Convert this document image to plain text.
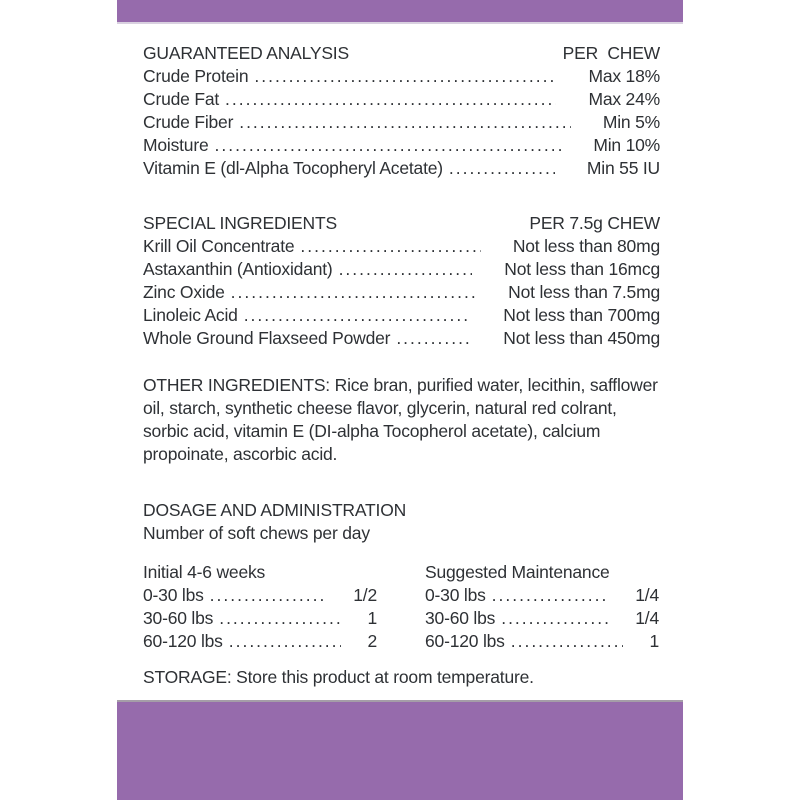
GUARANTEED ANALYSIS	PER  CHEW
Crude Protein .....	Max 18%
Crude Fat .....	Max 24%
Crude Fiber .....	Min 5%
Moisture .....	Min 10%
Vitamin E (dl-Alpha Tocopheryl Acetate) .....	Min 55 IU
SPECIAL INGREDIENTS	PER 7.5g CHEW
Krill Oil Concentrate .....	Not less than 80mg
Astaxanthin (Antioxidant) .....	Not less than 16mcg
Zinc Oxide .....	Not less than 7.5mg
Linoleic Acid .....	Not less than 700mg
Whole Ground Flaxseed Powder .....	Not less than 450mg
OTHER INGREDIENTS: Rice bran, purified water, lecithin, safflower oil, starch, synthetic cheese flavor, glycerin, natural red colrant, sorbic acid, vitamin E (DI-alpha Tocopherol acetate), calcium propoinate, ascorbic acid.
DOSAGE AND ADMINISTRATION
Number of soft chews per day
Initial 4-6 weeks
0-30 lbs .....	1/2
30-60 lbs .....	1
60-120 lbs .....	2
Suggested Maintenance
0-30 lbs .....	1/4
30-60 lbs .....	1/4
60-120 lbs .....	1
STORAGE: Store this product at room temperature.
